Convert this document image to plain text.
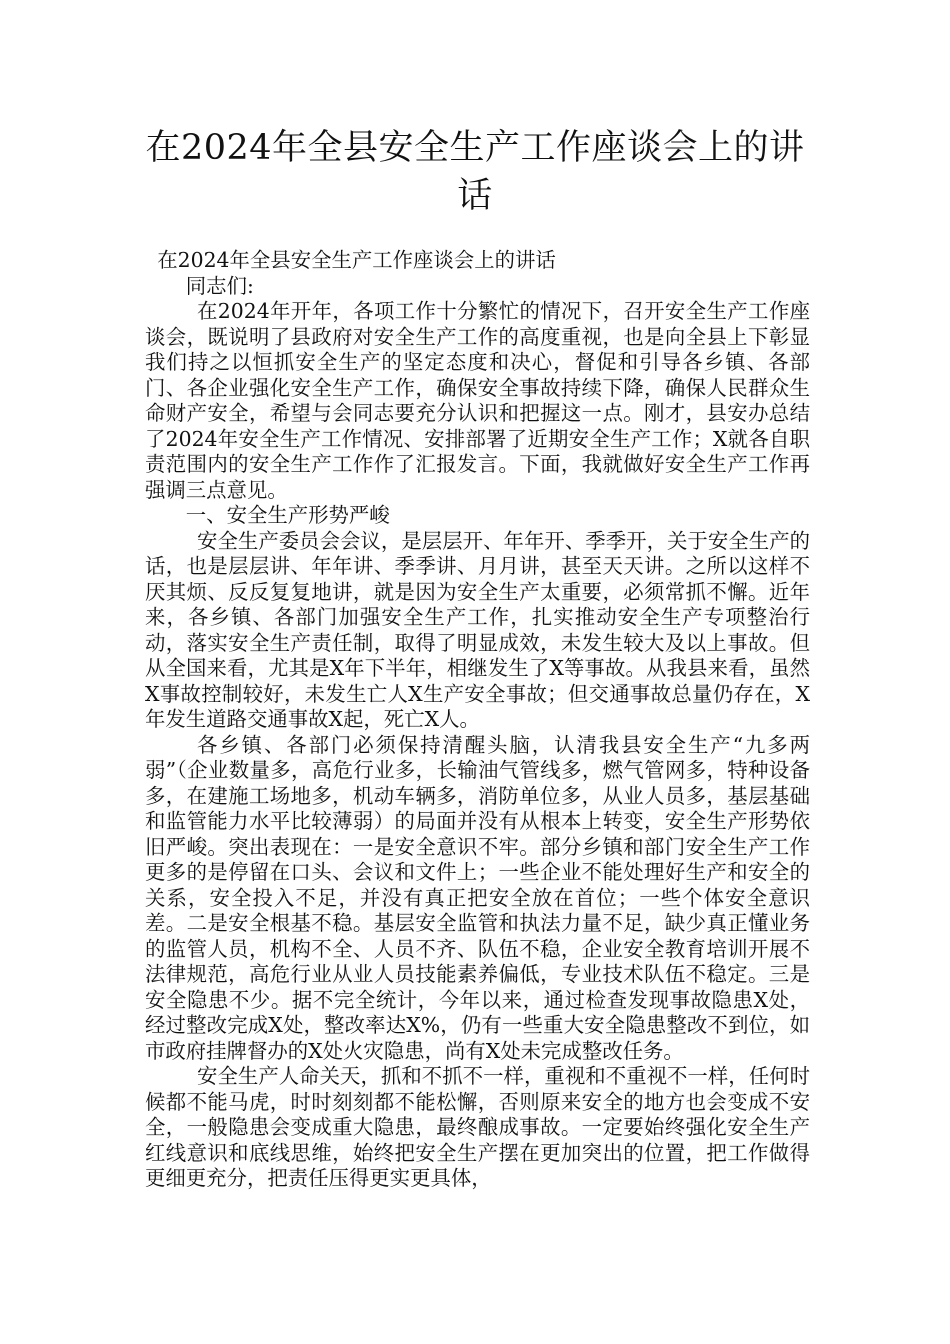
在2024年全县安全生产工作座谈会上的讲话

在2024年全县安全生产工作座谈会上的讲话

同志们:

在2024年开年，各项工作十分繁忙的情况下，召开安全生产工作座谈会，既说明了县政府对安全生产工作的高度重视，也是向全县上下彰显我们持之以恒抓安全生产的坚定态度和决心，督促和引导各乡镇、各部门、各企业强化安全生产工作，确保安全事故持续下降，确保人民群众生命财产安全，希望与会同志要充分认识和把握这一点。刚才，县安办总结了2024年安全生产工作情况、安排部署了近期安全生产工作；X就各自职责范围内的安全生产工作作了汇报发言。下面，我就做好安全生产工作再强调三点意见。

一、安全生产形势严峻

安全生产委员会会议，是层层开、年年开、季季开，关于安全生产的话，也是层层讲、年年讲、季季讲、月月讲，甚至天天讲。之所以这样不厌其烦、反反复复地讲，就是因为安全生产太重要，必须常抓不懈。近年来，各乡镇、各部门加强安全生产工作，扎实推动安全生产专项整治行动，落实安全生产责任制，取得了明显成效，未发生较大及以上事故。但从全国来看，尤其是X年下半年，相继发生了X等事故。从我县来看，虽然X事故控制较好，未发生亡人X生产安全事故；但交通事故总量仍存在，X年发生道路交通事故X起，死亡X人。

各乡镇、各部门必须保持清醒头脑，认清我县安全生产“九多两弱”（企业数量多，高危行业多，长输油气管线多，燃气管网多，特种设备多，在建施工场地多，机动车辆多，消防单位多，从业人员多，基层基础和监管能力水平比较薄弱）的局面并没有从根本上转变，安全生产形势依旧严峻。突出表现在：一是安全意识不牢。部分乡镇和部门安全生产工作更多的是停留在口头、会议和文件上；一些企业不能处理好生产和安全的关系，安全投入不足，并没有真正把安全放在首位；一些个体安全意识差。二是安全根基不稳。基层安全监管和执法力量不足，缺少真正懂业务的监管人员，机构不全、人员不齐、队伍不稳，企业安全教育培训开展不法律规范，高危行业从业人员技能素养偏低，专业技术队伍不稳定。三是安全隐患不少。据不完全统计，今年以来，通过检查发现事故隐患X处，经过整改完成X处，整改率达X%，仍有一些重大安全隐患整改不到位，如市政府挂牌督办的X处火灾隐患，尚有X处未完成整改任务。

安全生产人命关天，抓和不抓不一样，重视和不重视不一样，任何时候都不能马虎，时时刻刻都不能松懈，否则原来安全的地方也会变成不安全，一般隐患会变成重大隐患，最终酿成事故。一定要始终强化安全生产红线意识和底线思维，始终把安全生产摆在更加突出的位置，把工作做得更细更充分，把责任压得更实更具体，
